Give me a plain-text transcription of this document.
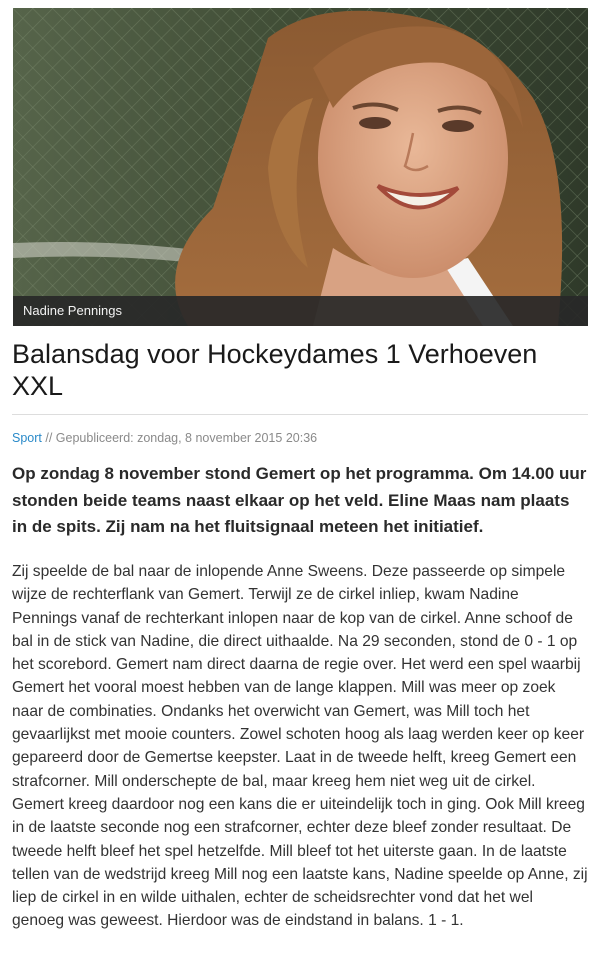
Nadine Pennings
Balansdag voor Hockeydames 1 Verhoeven XXL
Sport // Gepubliceerd: zondag, 8 november 2015 20:36

Op zondag 8 november stond Gemert op het programma. Om 14.00 uur stonden beide teams naast elkaar op het veld. Eline Maas nam plaats in de spits. Zij nam na het fluitsignaal meteen het initiatief.

Zij speelde de bal naar de inlopende Anne Sweens. Deze passeerde op simpele wijze de rechterflank van Gemert. Terwijl ze de cirkel inliep, kwam Nadine Pennings vanaf de rechterkant inlopen naar de kop van de cirkel. Anne schoof de bal in de stick van Nadine, die direct uithaalde. Na 29 seconden, stond de 0 - 1 op het scorebord. Gemert nam direct daarna de regie over. Het werd een spel waarbij Gemert het vooral moest hebben van de lange klappen. Mill was meer op zoek naar de combinaties. Ondanks het overwicht van Gemert, was Mill toch het gevaarlijkst met mooie counters. Zowel schoten hoog als laag werden keer op keer gepareerd door de Gemertse keepster. Laat in de tweede helft, kreeg Gemert een strafcorner. Mill onderschepte de bal, maar kreeg hem niet weg uit de cirkel. Gemert kreeg daardoor nog een kans die er uiteindelijk toch in ging. Ook Mill kreeg in de laatste seconde nog een strafcorner, echter deze bleef zonder resultaat. De tweede helft bleef het spel hetzelfde. Mill bleef tot het uiterste gaan. In de laatste tellen van de wedstrijd kreeg Mill nog een laatste kans, Nadine speelde op Anne, zij liep de cirkel in en wilde uithalen, echter de scheidsrechter vond dat het wel genoeg was geweest. Hierdoor was de eindstand in balans. 1 - 1.
